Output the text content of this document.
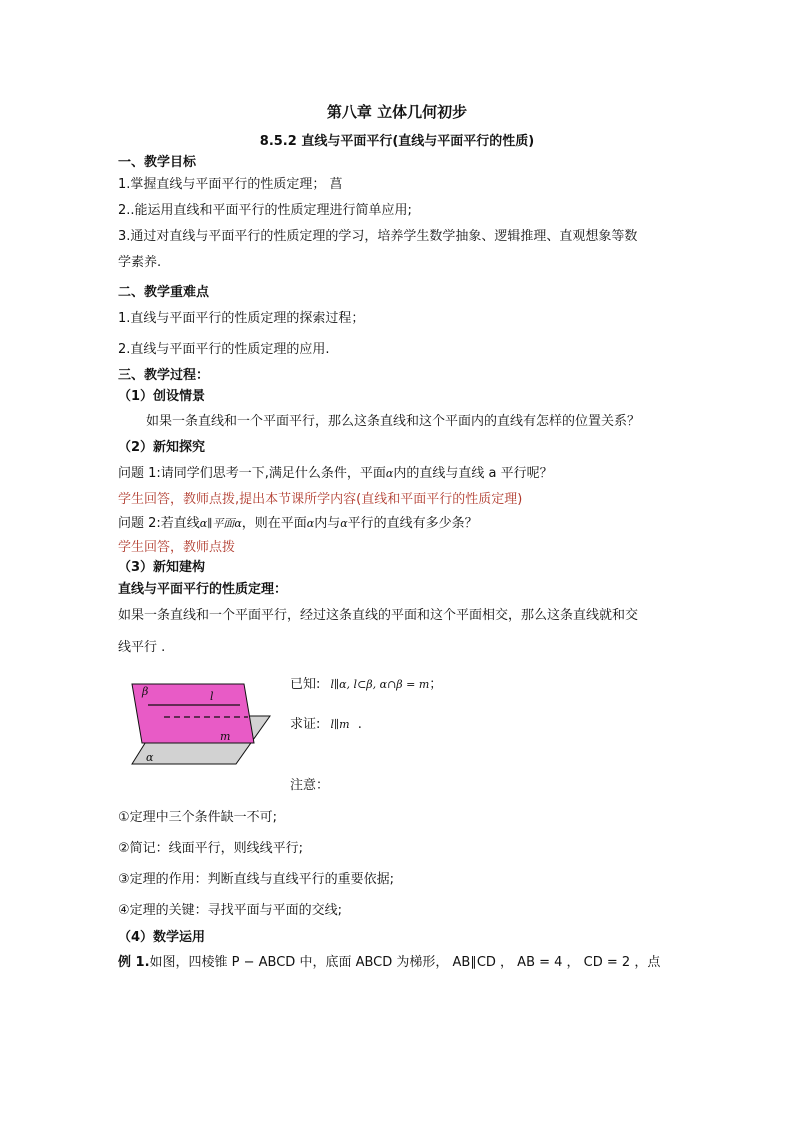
第八章 立体几何初步
8.5.2 直线与平面平行(直线与平面平行的性质)
一、教学目标
1.掌握直线与平面平行的性质定理； 菖
2..能运用直线和平面平行的性质定理进行简单应用;
3.通过对直线与平面平行的性质定理的学习，培养学生数学抽象、逻辑推理、直观想象等数
学素养.
二、教学重难点
1.直线与平面平行的性质定理的探索过程；
2.直线与平面平行的性质定理的应用.
三、教学过程：
（1）创设情景
如果一条直线和一个平面平行，那么这条直线和这个平面内的直线有怎样的位置关系？
（2）新知探究
问题 1:请同学们思考一下,满足什么条件，平面α内的直线与直线 a 平行呢？
学生回答，教师点拨,提出本节课所学内容(直线和平面平行的性质定理)
问题 2:若直线α∥平面α，则在平面α内与α平行的直线有多少条？
学生回答，教师点拨
（3）新知建构
直线与平面平行的性质定理：
如果一条直线和一个平面平行，经过这条直线的平面和这个平面相交，那么这条直线就和交
线平行 .
β	l
m
α
已知: l∥α, l⊂β, α∩β = m；
求证: l∥m .
注意：
①定理中三个条件缺一不可;
②简记：线面平行，则线线平行;
③定理的作用：判断直线与直线平行的重要依据;
④定理的关键：寻找平面与平面的交线;
（4）数学运用
例 1.如图，四棱锥 P − ABCD 中，底面 ABCD 为梯形， AB∥CD ， AB = 4 ， CD = 2 ，点
